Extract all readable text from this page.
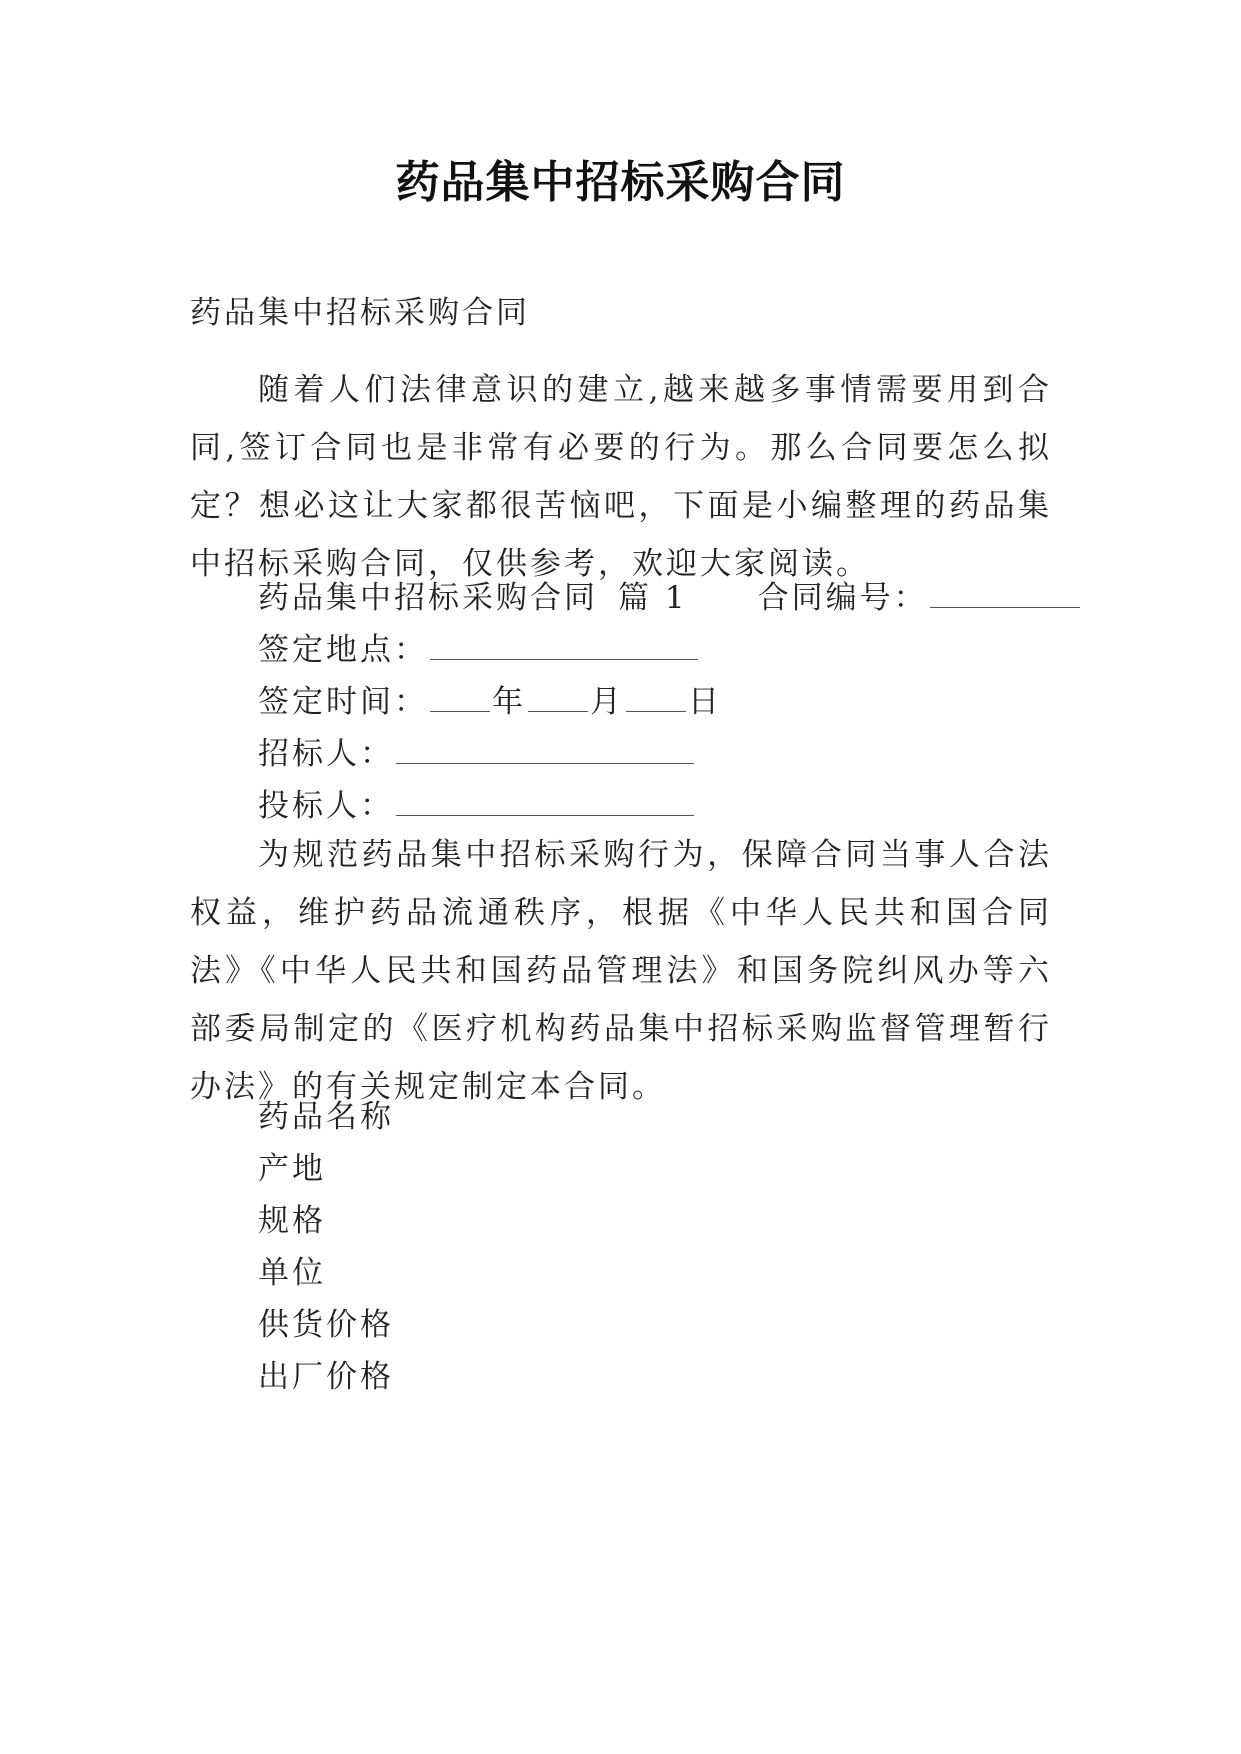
药品集中招标采购合同
药品集中招标采购合同

随着人们法律意识的建立,越来越多事情需要用到合同,签订合同也是非常有必要的行为。那么合同要怎么拟定？想必这让大家都很苦恼吧，下面是小编整理的药品集中招标采购合同，仅供参考，欢迎大家阅读。

药品集中招标采购合同 篇 1 合同编号：
签定地点：
签定时间： 年 月 日
招标人：
投标人：

为规范药品集中招标采购行为，保障合同当事人合法权益，维护药品流通秩序，根据《中华人民共和国合同法》《中华人民共和国药品管理法》和国务院纠风办等六部委局制定的《医疗机构药品集中招标采购监督管理暂行办法》的有关规定制定本合同。

药品名称
产地
规格
单位
供货价格
出厂价格
